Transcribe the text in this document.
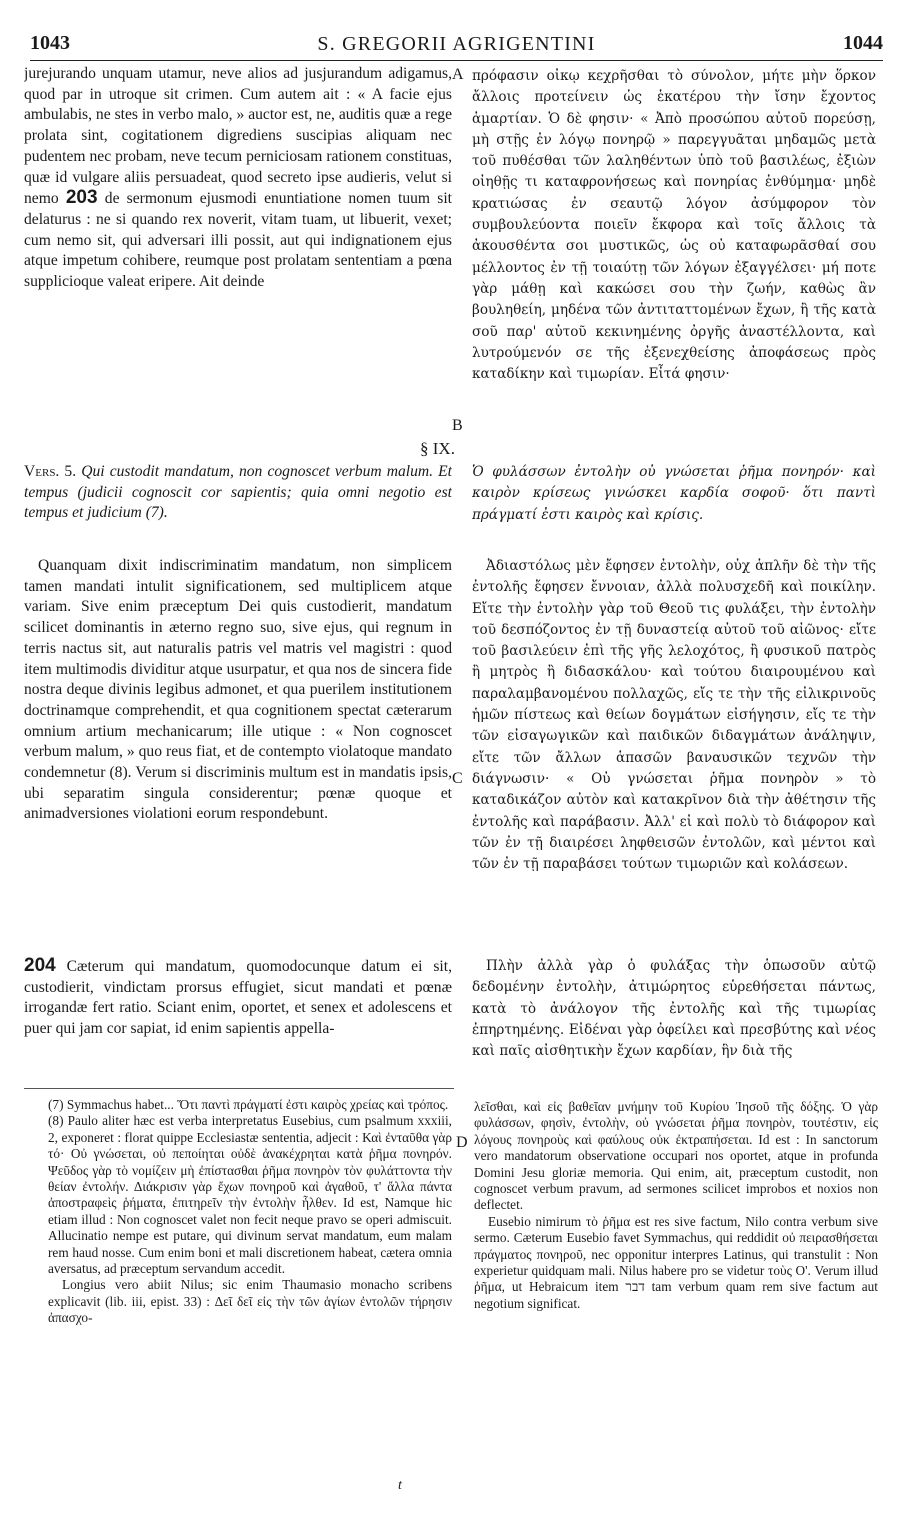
1043	S. GREGORII AGRIGENTINI	1044
A
B
C
D
§ IX.

jurejurando unquam utamur, neve alios ad jusjurandum adigamus, quod par in utroque sit crimen. Cum autem ait : « A facie ejus ambulabis, ne stes in verbo malo, » auctor est, ne, auditis quæ a rege prolata sint, cogitationem digrediens suscipias aliquam nec pudentem nec probam, neve tecum perniciosam rationem constituas, quæ id vulgare aliis persuadeat, quod secreto ipse audieris, velut si nemo 203 de sermonum ejusmodi enuntiatione nomen tuum sit delaturus : ne si quando rex noverit, vitam tuam, ut libuerit, vexet; cum nemo sit, qui adversari illi possit, aut qui indignationem ejus atque impetum cohibere, reumque post prolatam sententiam a pœna supplicioque valeat eripere. Ait deinde

πρόφασιν οἰκῳ κεχρῆσθαι τὸ σύνολον, μήτε μὴν ὅρκον ἄλλοις προτείνειν ὡς ἑκατέρου τὴν ἴσην ἔχοντος ἁμαρτίαν. Ὁ δὲ φησιν· « Ἀπὸ προσώπου αὐτοῦ πορεύσῃ, μὴ στῇς ἐν λόγῳ πονηρῷ » παρεγγυᾶται μηδαμῶς μετὰ τοῦ πυθέσθαι τῶν λαληθέντων ὑπὸ τοῦ βασιλέως, ἐξιὼν οἰηθῇς τι καταφρονήσεως καὶ πονηρίας ἐνθύμημα· μηδὲ κρατιώσας ἐν σεαυτῷ λόγον ἀσύμφορον τὸν συμβουλεύοντα ποιεῖν ἔκφορα καὶ τοῖς ἄλλοις τὰ ἀκουσθέντα σοι μυστικῶς, ὡς οὐ καταφωρᾶσθαί σου μέλλοντος ἐν τῇ τοιαύτῃ τῶν λόγων ἐξαγγέλσει· μή ποτε γὰρ μάθῃ καὶ κακώσει σου τὴν ζωήν, καθὼς ἂν βουληθείη, μηδένα τῶν ἀντιταττομένων ἔχων, ἢ τῆς κατὰ σοῦ παρ' αὐτοῦ κεκινημένης ὀργῆς ἀναστέλλοντα, καὶ λυτρούμενόν σε τῆς ἐξενεχθείσης ἀποφάσεως πρὸς καταδίκην καὶ τιμωρίαν. Εἶτά φησιν·

Vers. 5. Qui custodit mandatum, non cognoscet verbum malum. Et tempus (judicii cognoscit cor sapientis; quia omni negotio est tempus et judicium (7).

Ὁ φυλάσσων ἐντολὴν οὐ γνώσεται ῥῆμα πονηρόν· καὶ καιρὸν κρίσεως γινώσκει καρδία σοφοῦ· ὅτι παντὶ πράγματί ἐστι καιρὸς καὶ κρίσις.

Quanquam dixit indiscriminatim mandatum, non simplicem tamen mandati intulit significationem, sed multiplicem atque variam. Sive enim præceptum Dei quis custodierit, mandatum scilicet dominantis in æterno regno suo, sive ejus, qui regnum in terris nactus sit, aut naturalis patris vel matris vel magistri : quod item multimodis dividitur atque usurpatur, et qua nos de sincera fide nostra deque divinis legibus admonet, et qua puerilem institutionem doctrinamque comprehendit, et qua cognitionem spectat cæterarum omnium artium mechanicarum; ille utique : « Non cognoscet verbum malum, » quo reus fiat, et de contempto violatoque mandato condemnetur (8). Verum si discriminis multum est in mandatis ipsis, ubi separatim singula considerentur; pœnæ quoque et animadversiones violationi eorum respondebunt.

204 Cæterum qui mandatum, quomodocunque datum ei sit, custodierit, vindictam prorsus effugiet, sicut mandati et pœnæ irrogandæ fert ratio. Sciant enim, oportet, et senex et adolescens et puer qui jam cor sapiat, id enim sapientis appella-

Ἀδιαστόλως μὲν ἔφησεν ἐντολὴν, οὐχ ἁπλῆν δὲ τὴν τῆς ἐντολῆς ἔφησεν ἔννοιαν, ἀλλὰ πολυσχεδῆ καὶ ποικίλην. Εἴτε τὴν ἐντολὴν γὰρ τοῦ Θεοῦ τις φυλάξει, τὴν ἐντολὴν τοῦ δεσπόζοντος ἐν τῇ δυναστείᾳ αὐτοῦ τοῦ αἰῶνος· εἴτε τοῦ βασιλεύειν ἐπὶ τῆς γῆς λελοχότος, ἢ φυσικοῦ πατρὸς ἢ μητρὸς ἢ διδασκάλου· καὶ τούτου διαιρουμένου καὶ παραλαμβανομένου πολλαχῶς, εἴς τε τὴν τῆς εἰλικρινοῦς ἡμῶν πίστεως καὶ θείων δογμάτων εἰσήγησιν, εἴς τε τὴν τῶν εἰσαγωγικῶν καὶ παιδικῶν διδαγμάτων ἀνάληψιν, εἴτε τῶν ἄλλων ἁπασῶν βαναυσικῶν τεχνῶν τὴν διάγνωσιν· « Οὐ γνώσεται ῥῆμα πονηρὸν » τὸ καταδικάζον αὐτὸν καὶ κατακρῖνον διὰ τὴν ἀθέτησιν τῆς ἐντολῆς καὶ παράβασιν. Ἀλλ' εἰ καὶ πολὺ τὸ διάφορον καὶ τῶν ἐν τῇ διαιρέσει ληφθεισῶν ἐντολῶν, καὶ μέντοι καὶ τῶν ἐν τῇ παραβάσει τούτων τιμωριῶν καὶ κολάσεων.

Πλὴν ἀλλὰ γὰρ ὁ φυλάξας τὴν ὁπωσοῦν αὐτῷ δεδομένην ἐντολὴν, ἀτιμώρητος εὑρεθήσεται πάντως, κατὰ τὸ ἀνάλογον τῆς ἐντολῆς καὶ τῆς τιμωρίας ἐπηρτημένης. Εἰδέναι γὰρ ὀφείλει καὶ πρεσβύτης καὶ νέος καὶ παῖς αἰσθητικὴν ἔχων καρδίαν, ἣν διὰ τῆς

(7) Symmachus habet... Ὅτι παντὶ πράγματί ἐστι καιρὸς χρείας καὶ τρόπος.

(8) Paulo aliter hæc est verba interpretatus Eusebius, cum psalmum xxxiii, 2, exponeret : florat quippe Ecclesiastæ sententia, adjecit : Καὶ ἐνταῦθα γὰρ τό· Οὐ γνώσεται, οὐ πεποίηται οὐδὲ ἀνακέχρηται κατὰ ῥῆμα πονηρόν. Ψεῦδος γὰρ τὸ νομίζειν μὴ ἐπίστασθαι ῥῆμα πονηρὸν τὸν φυλάττοντα τὴν θείαν ἐντολήν. Διάκρισιν γὰρ ἔχων πονηροῦ καὶ ἀγαθοῦ, τ' ἄλλα πάντα ἀποστραφεὶς ῥήματα, ἐπιτηρεῖν τὴν ἐντολὴν ἦλθεν. Id est, Namque hic etiam illud : Non cognoscet valet non fecit neque pravo se operi admiscuit. Allucinatio nempe est putare, qui divinum servat mandatum, eum malam rem haud nosse. Cum enim boni et mali discretionem habeat, cætera omnia aversatus, ad præceptum servandum accedit.

Longius vero abiit Nilus; sic enim Thaumasio monacho scribens explicavit (lib. iii, epist. 33) : Δεῖ δεῖ εἰς τὴν τῶν ἁγίων ἐντολῶν τήρησιν ἀπασχο-

λεῖσθαι, καὶ εἰς βαθεῖαν μνήμην τοῦ Κυρίου Ἰησοῦ τῆς δόξης. Ὁ γὰρ φυλάσσων, φησὶν, ἐντολὴν, οὐ γνώσεται ῥῆμα πονηρὸν, τουτέστιν, εἰς λόγους πονηροὺς καὶ φαύλους οὐκ ἐκτραπήσεται. Id est : In sanctorum vero mandatorum observatione occupari nos oportet, atque in profunda Domini Jesu gloriæ memoria. Qui enim, ait, præceptum custodit, non cognoscet verbum pravum, ad sermones scilicet improbos et noxios non deflectet.

Eusebio nimirum τὸ ῥῆμα est res sive factum, Nilo contra verbum sive sermo. Cæterum Eusebio favet Symmachus, qui reddidit οὐ πειρασθήσεται πράγματος πονηροῦ, nec opponitur interpres Latinus, qui transtulit : Non experietur quidquam mali. Nilus habere pro se videtur τοὺς Ο'. Verum illud ῥῆμα, ut Hebraicum item דבר tam verbum quam rem sive factum aut negotium significat.

t
